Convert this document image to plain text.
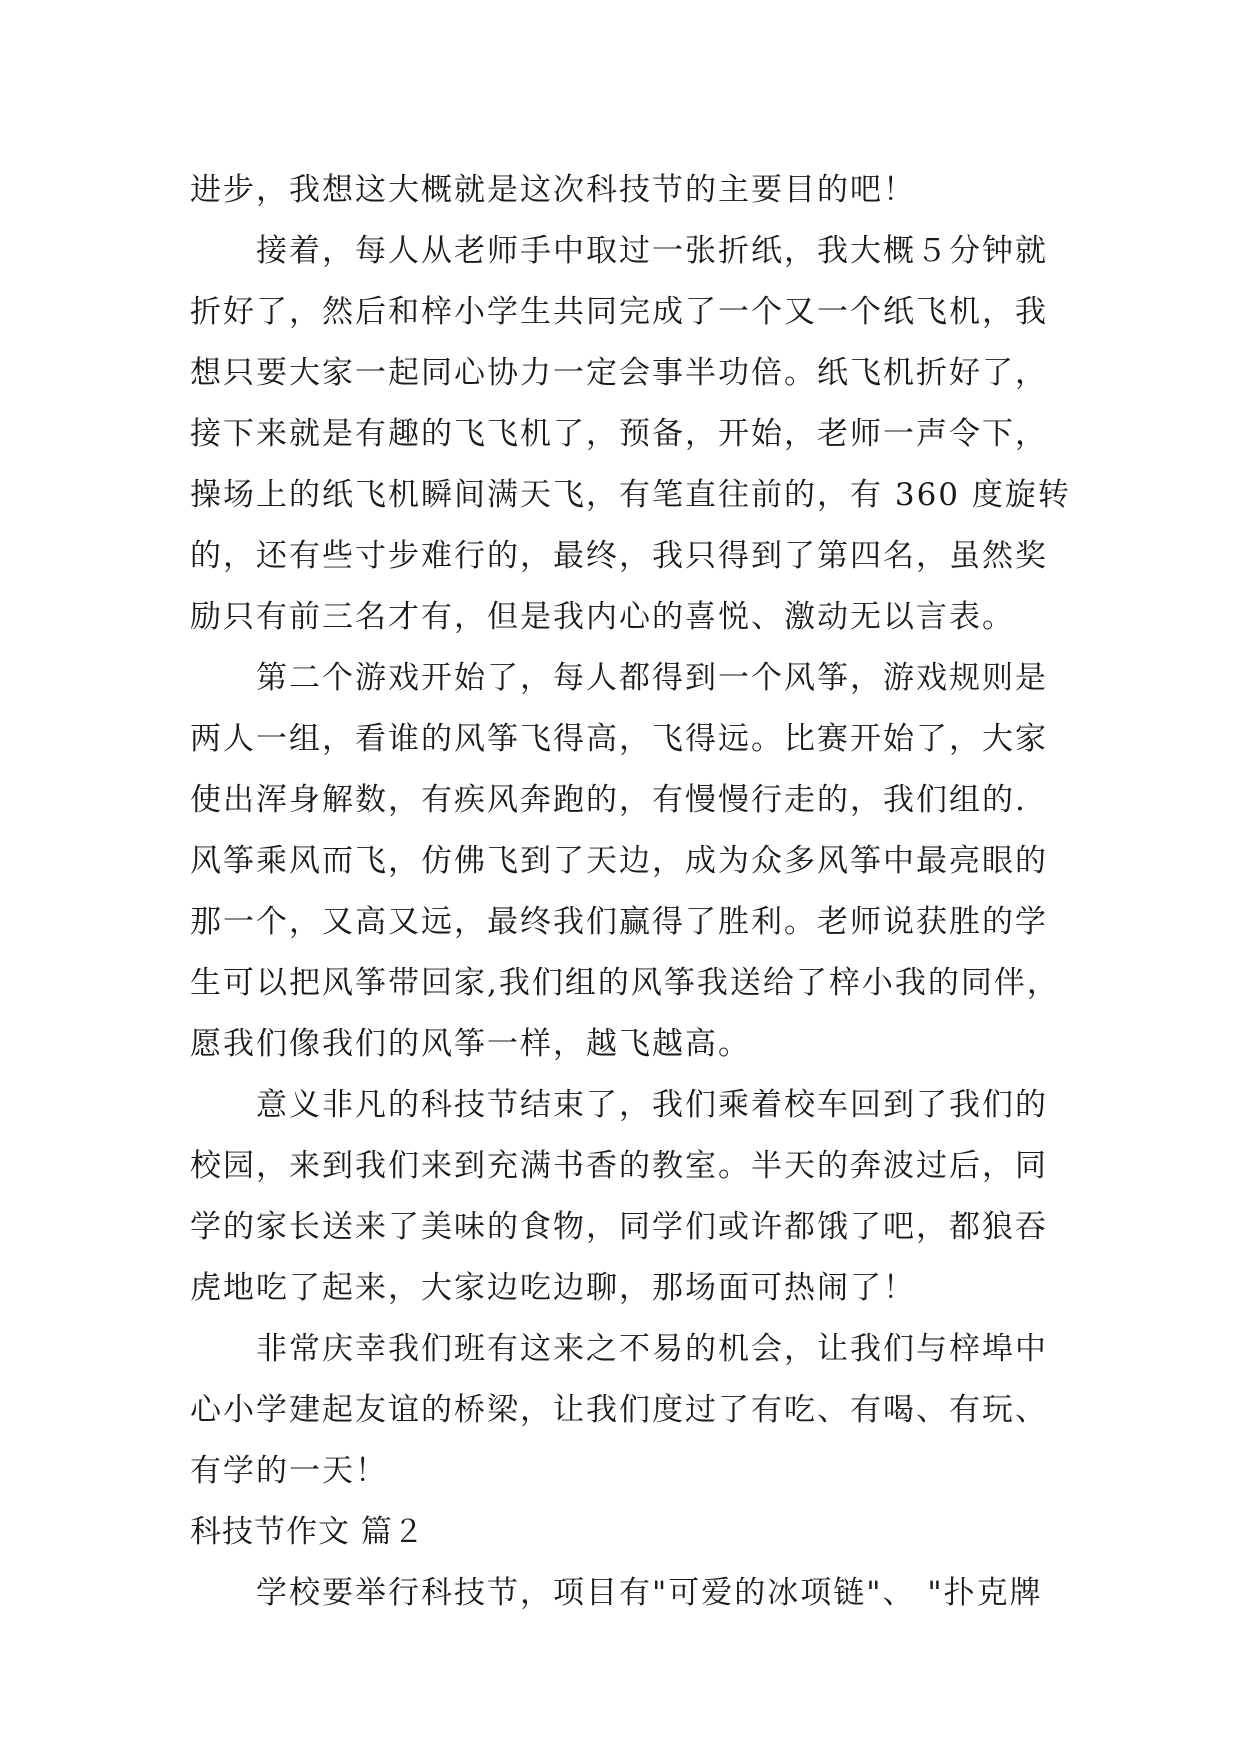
进步，我想这大概就是这次科技节的主要目的吧！
　　接着，每人从老师手中取过一张折纸，我大概５分钟就
折好了，然后和梓小学生共同完成了一个又一个纸飞机，我
想只要大家一起同心协力一定会事半功倍。纸飞机折好了，
接下来就是有趣的飞飞机了，预备，开始，老师一声令下，
操场上的纸飞机瞬间满天飞，有笔直往前的，有 360 度旋转
的，还有些寸步难行的，最终，我只得到了第四名，虽然奖
励只有前三名才有，但是我内心的喜悦、激动无以言表。
　　第二个游戏开始了，每人都得到一个风筝，游戏规则是
两人一组，看谁的风筝飞得高，飞得远。比赛开始了，大家
使出浑身解数，有疾风奔跑的，有慢慢行走的，我们组的.
风筝乘风而飞，仿佛飞到了天边，成为众多风筝中最亮眼的
那一个，又高又远，最终我们赢得了胜利。老师说获胜的学
生可以把风筝带回家,我们组的风筝我送给了梓小我的同伴，
愿我们像我们的风筝一样，越飞越高。
　　意义非凡的科技节结束了，我们乘着校车回到了我们的
校园，来到我们来到充满书香的教室。半天的奔波过后，同
学的家长送来了美味的食物，同学们或许都饿了吧，都狼吞
虎地吃了起来，大家边吃边聊，那场面可热闹了！
　　非常庆幸我们班有这来之不易的机会，让我们与梓埠中
心小学建起友谊的桥梁，让我们度过了有吃、有喝、有玩、
有学的一天！
科技节作文 篇２
　　学校要举行科技节，项目有"可爱的冰项链"、 "扑克牌
